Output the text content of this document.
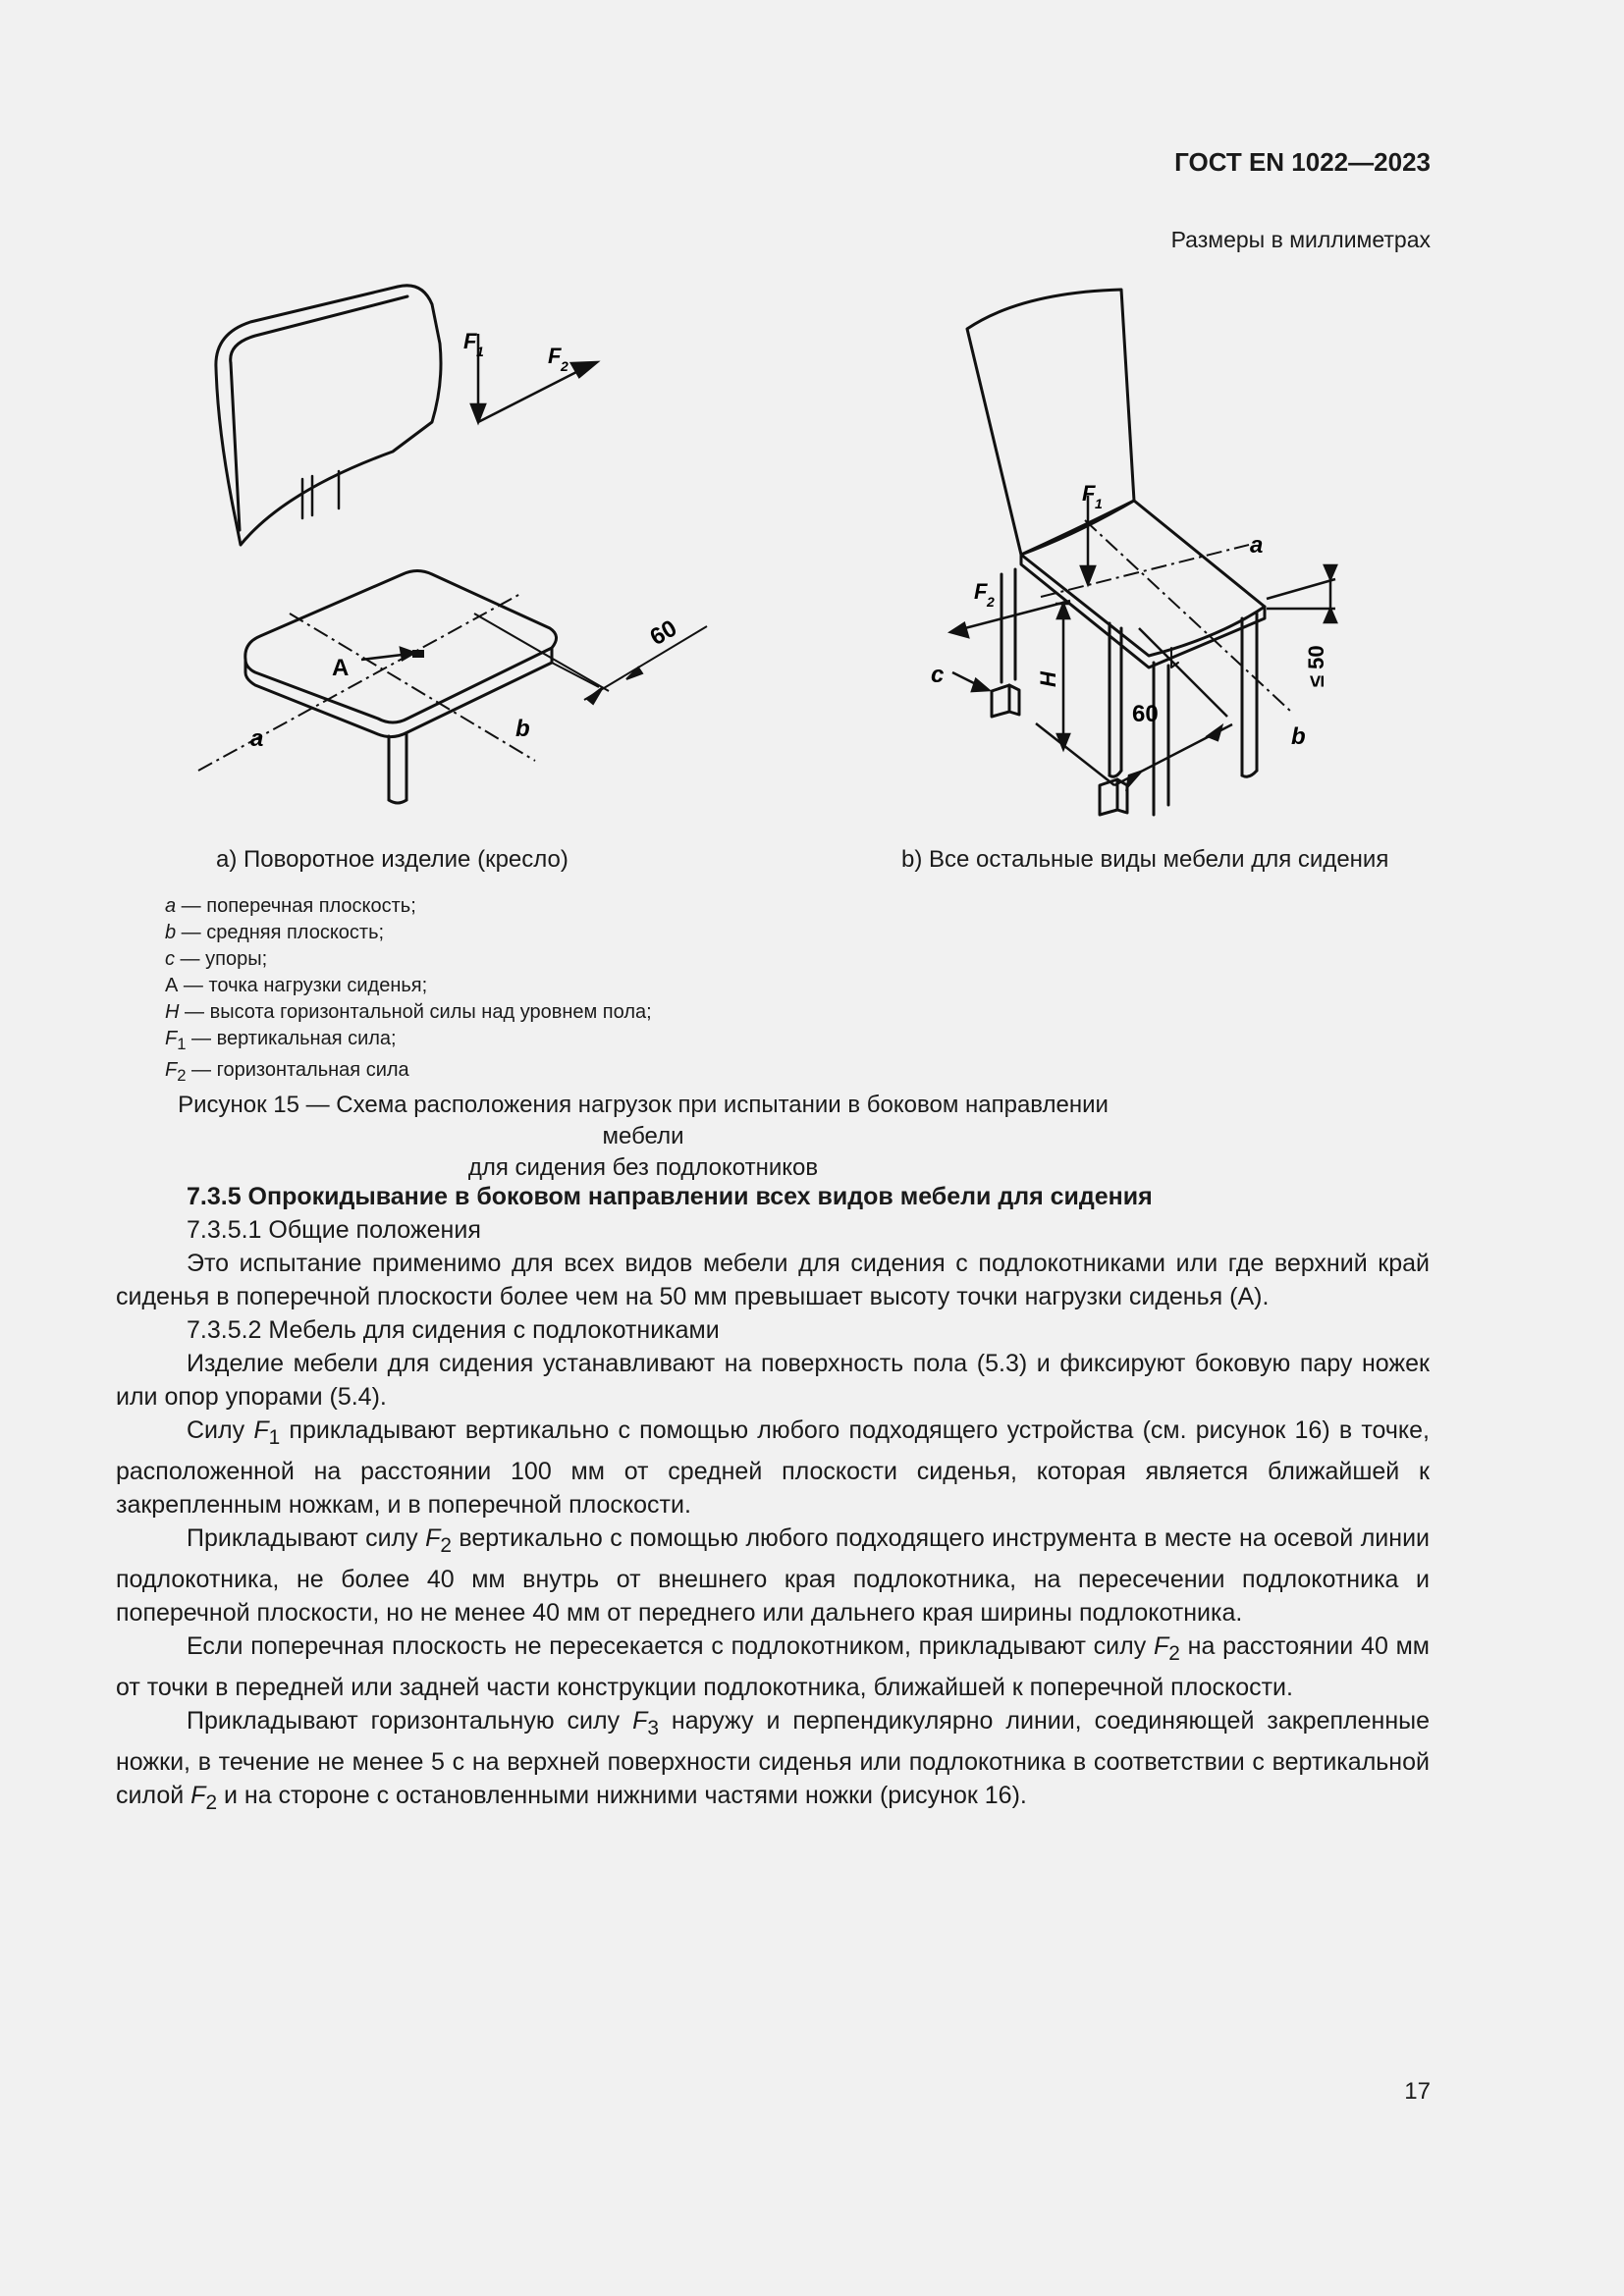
ГОСТ EN 1022—2023
Размеры в миллиметрах
F 1	F 2
A
a	b
60
F 1
F 2
a
b
c	H
60
≤ 50
a) Поворотное изделие (кресло)	b) Все остальные виды мебели для сидения
a — поперечная плоскость;
b — средняя плоскость;
c — упоры;
А — точка нагрузки сиденья;
H — высота горизонтальной силы над уровнем пола;
$F_1$ — вертикальная сила;
$F_2$ — горизонтальная сила
Рисунок 15 — Схема расположения нагрузок при испытании в боковом направлении мебели
для сидения без подлокотников
7.3.5 Опрокидывание в боковом направлении всех видов мебели для сидения
7.3.5.1 Общие положения

Это испытание применимо для всех видов мебели для сидения с подлокотниками или где верхний край сиденья в поперечной плоскости более чем на 50 мм превышает высоту точки нагрузки сиденья (A).

7.3.5.2 Мебель для сидения с подлокотниками

Изделие мебели для сидения устанавливают на поверхность пола (5.3) и фиксируют боковую пару ножек или опор упорами (5.4).

Силу $F_1$ прикладывают вертикально с помощью любого подходящего устройства (см. рисунок 16) в точке, расположенной на расстоянии 100 мм от средней плоскости сиденья, которая является ближайшей к закрепленным ножкам, и в поперечной плоскости.

Прикладывают силу $F_2$ вертикально с помощью любого подходящего инструмента в месте на осевой линии подлокотника, не более 40 мм внутрь от внешнего края подлокотника, на пересечении подлокотника и поперечной плоскости, но не менее 40 мм от переднего или дальнего края ширины подлокотника.

Если поперечная плоскость не пересекается с подлокотником, прикладывают силу $F_2$ на расстоянии 40 мм от точки в передней или задней части конструкции подлокотника, ближайшей к поперечной плоскости.

Прикладывают горизонтальную силу $F_3$ наружу и перпендикулярно линии, соединяющей закрепленные ножки, в течение не менее 5 с на верхней поверхности сиденья или подлокотника в соответствии с вертикальной силой $F_2$ и на стороне с остановленными нижними частями ножки (рисунок 16).

17
